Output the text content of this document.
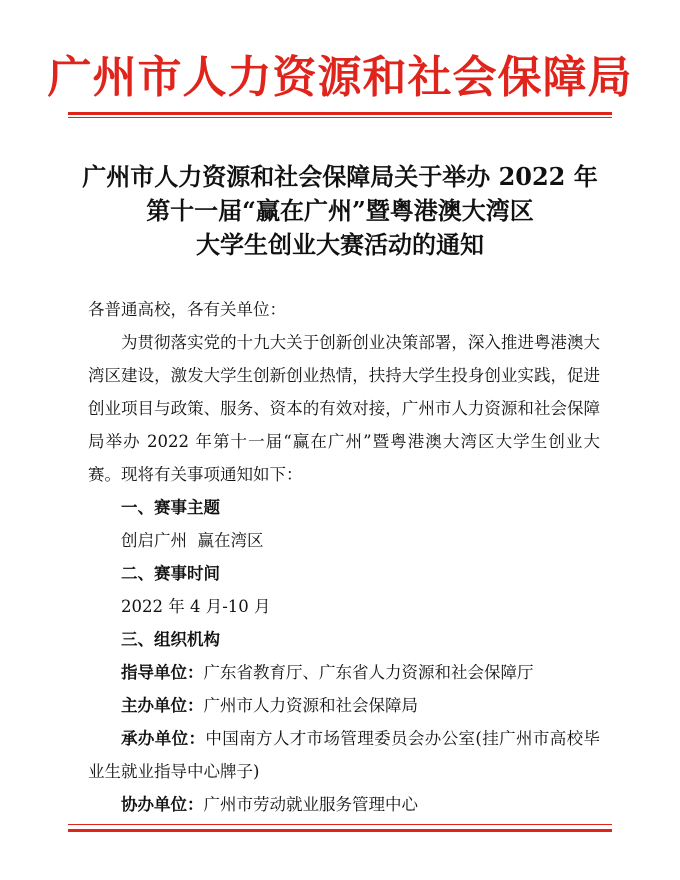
广州市人力资源和社会保障局
广州市人力资源和社会保障局关于举办 2022 年
第十一届“赢在广州”暨粤港澳大湾区
大学生创业大赛活动的通知
各普通高校，各有关单位：

为贯彻落实党的十九大关于创新创业决策部署，深入推进粤港澳大湾区建设，激发大学生创新创业热情，扶持大学生投身创业实践，促进创业项目与政策、服务、资本的有效对接，广州市人力资源和社会保障局举办 2022 年第十一届“赢在广州”暨粤港澳大湾区大学生创业大赛。现将有关事项通知如下：

一、赛事主题
创启广州  赢在湾区
二、赛事时间
2022 年 4 月-10 月
三、组织机构
指导单位：广东省教育厅、广东省人力资源和社会保障厅
主办单位：广州市人力资源和社会保障局

承办单位：中国南方人才市场管理委员会办公室(挂广州市高校毕业生就业指导中心牌子)

协办单位：广州市劳动就业服务管理中心
